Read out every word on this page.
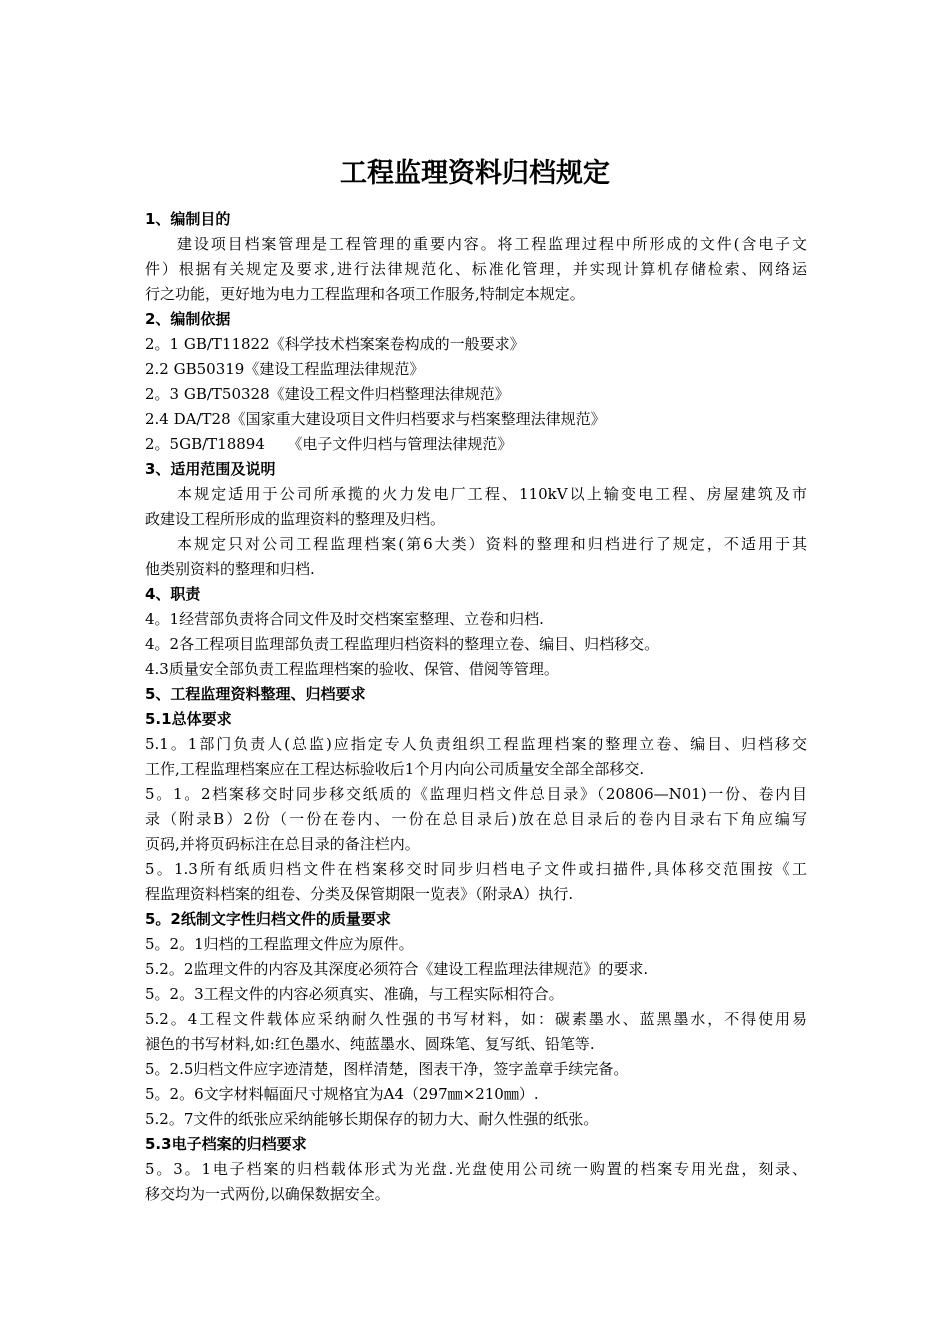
工程监理资料归档规定
1、编制目的
建设项目档案管理是工程管理的重要内容。将工程监理过程中所形成的文件(含电子文
件）根据有关规定及要求,进行法律规范化、标准化管理，并实现计算机存储检索、网络运
行之功能，更好地为电力工程监理和各项工作服务,特制定本规定。
2、编制依据
2。1 GB/T11822《科学技术档案案卷构成的一般要求》
2.2 GB50319《建设工程监理法律规范》
2。3 GB/T50328《建设工程文件归档整理法律规范》
2.4 DA/T28《国家重大建设项目文件归档要求与档案整理法律规范》
2。5GB/T18894　　《电子文件归档与管理法律规范》
3、适用范围及说明
本规定适用于公司所承揽的火力发电厂工程、110kV以上输变电工程、房屋建筑及市
政建设工程所形成的监理资料的整理及归档。
本规定只对公司工程监理档案(第6大类）资料的整理和归档进行了规定，不适用于其
他类别资料的整理和归档.
4、职责
4。1经营部负责将合同文件及时交档案室整理、立卷和归档.
4。2各工程项目监理部负责工程监理归档资料的整理立卷、编目、归档移交。
4.3质量安全部负责工程监理档案的验收、保管、借阅等管理。
5、工程监理资料整理、归档要求
5.1总体要求
5.1。1部门负责人(总监)应指定专人负责组织工程监理档案的整理立卷、编目、归档移交
工作,工程监理档案应在工程达标验收后1个月内向公司质量安全部全部移交.
5。1。2档案移交时同步移交纸质的《监理归档文件总目录》（20806—N01)一份、卷内目
录（附录B）2份（一份在卷内、一份在总目录后)放在总目录后的卷内目录右下角应编写
页码,并将页码标注在总目录的备注栏内。
5。1.3所有纸质归档文件在档案移交时同步归档电子文件或扫描件,具体移交范围按《工
程监理资料档案的组卷、分类及保管期限一览表》（附录A）执行.
5。2纸制文字性归档文件的质量要求
5。2。1归档的工程监理文件应为原件。
5.2。2监理文件的内容及其深度必须符合《建设工程监理法律规范》的要求.
5。2。3工程文件的内容必须真实、准确，与工程实际相符合。
5.2。4工程文件载体应采纳耐久性强的书写材料，如：碳素墨水、蓝黑墨水，不得使用易
褪色的书写材料,如:红色墨水、纯蓝墨水、圆珠笔、复写纸、铅笔等.
5。2.5归档文件应字迹清楚，图样清楚，图表干净，签字盖章手续完备。
5。2。6文字材料幅面尺寸规格宜为A4（297㎜×210㎜）.
5.2。7文件的纸张应采纳能够长期保存的韧力大、耐久性强的纸张。
5.3电子档案的归档要求
5。3。1电子档案的归档载体形式为光盘.光盘使用公司统一购置的档案专用光盘，刻录、
移交均为一式两份,以确保数据安全。
